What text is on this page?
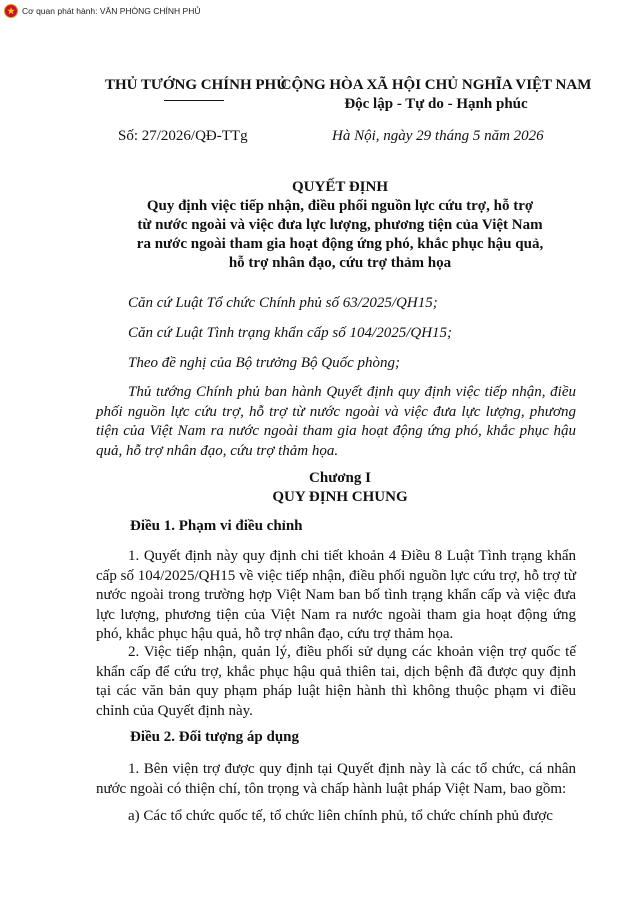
Cơ quan phát hành: VĂN PHÒNG CHÍNH PHỦ
THỦ TƯỚNG CHÍNH PHỦ
CỘNG HÒA XÃ HỘI CHỦ NGHĨA VIỆT NAM
Độc lập - Tự do - Hạnh phúc
Số: 27/2026/QĐ-TTg	Hà Nội, ngày 29 tháng 5 năm 2026
QUYẾT ĐỊNH
Quy định việc tiếp nhận, điều phối nguồn lực cứu trợ, hỗ trợ
từ nước ngoài và việc đưa lực lượng, phương tiện của Việt Nam
ra nước ngoài tham gia hoạt động ứng phó, khắc phục hậu quả,
hỗ trợ nhân đạo, cứu trợ thảm họa
Căn cứ Luật Tổ chức Chính phủ số 63/2025/QH15;
Căn cứ Luật Tình trạng khẩn cấp số 104/2025/QH15;
Theo đề nghị của Bộ trưởng Bộ Quốc phòng;
Thủ tướng Chính phủ ban hành Quyết định quy định việc tiếp nhận, điều phối nguồn lực cứu trợ, hỗ trợ từ nước ngoài và việc đưa lực lượng, phương tiện của Việt Nam ra nước ngoài tham gia hoạt động ứng phó, khắc phục hậu quả, hỗ trợ nhân đạo, cứu trợ thảm họa.
Chương I
QUY ĐỊNH CHUNG
Điều 1. Phạm vi điều chỉnh
1. Quyết định này quy định chi tiết khoản 4 Điều 8 Luật Tình trạng khẩn cấp số 104/2025/QH15 về việc tiếp nhận, điều phối nguồn lực cứu trợ, hỗ trợ từ nước ngoài trong trường hợp Việt Nam ban bố tình trạng khẩn cấp và việc đưa lực lượng, phương tiện của Việt Nam ra nước ngoài tham gia hoạt động ứng phó, khắc phục hậu quả, hỗ trợ nhân đạo, cứu trợ thảm họa.
2. Việc tiếp nhận, quản lý, điều phối sử dụng các khoản viện trợ quốc tế khẩn cấp để cứu trợ, khắc phục hậu quả thiên tai, dịch bệnh đã được quy định tại các văn bản quy phạm pháp luật hiện hành thì không thuộc phạm vi điều chỉnh của Quyết định này.
Điều 2. Đối tượng áp dụng
1. Bên viện trợ được quy định tại Quyết định này là các tổ chức, cá nhân nước ngoài có thiện chí, tôn trọng và chấp hành luật pháp Việt Nam, bao gồm:
a) Các tổ chức quốc tế, tổ chức liên chính phủ, tổ chức chính phủ được
